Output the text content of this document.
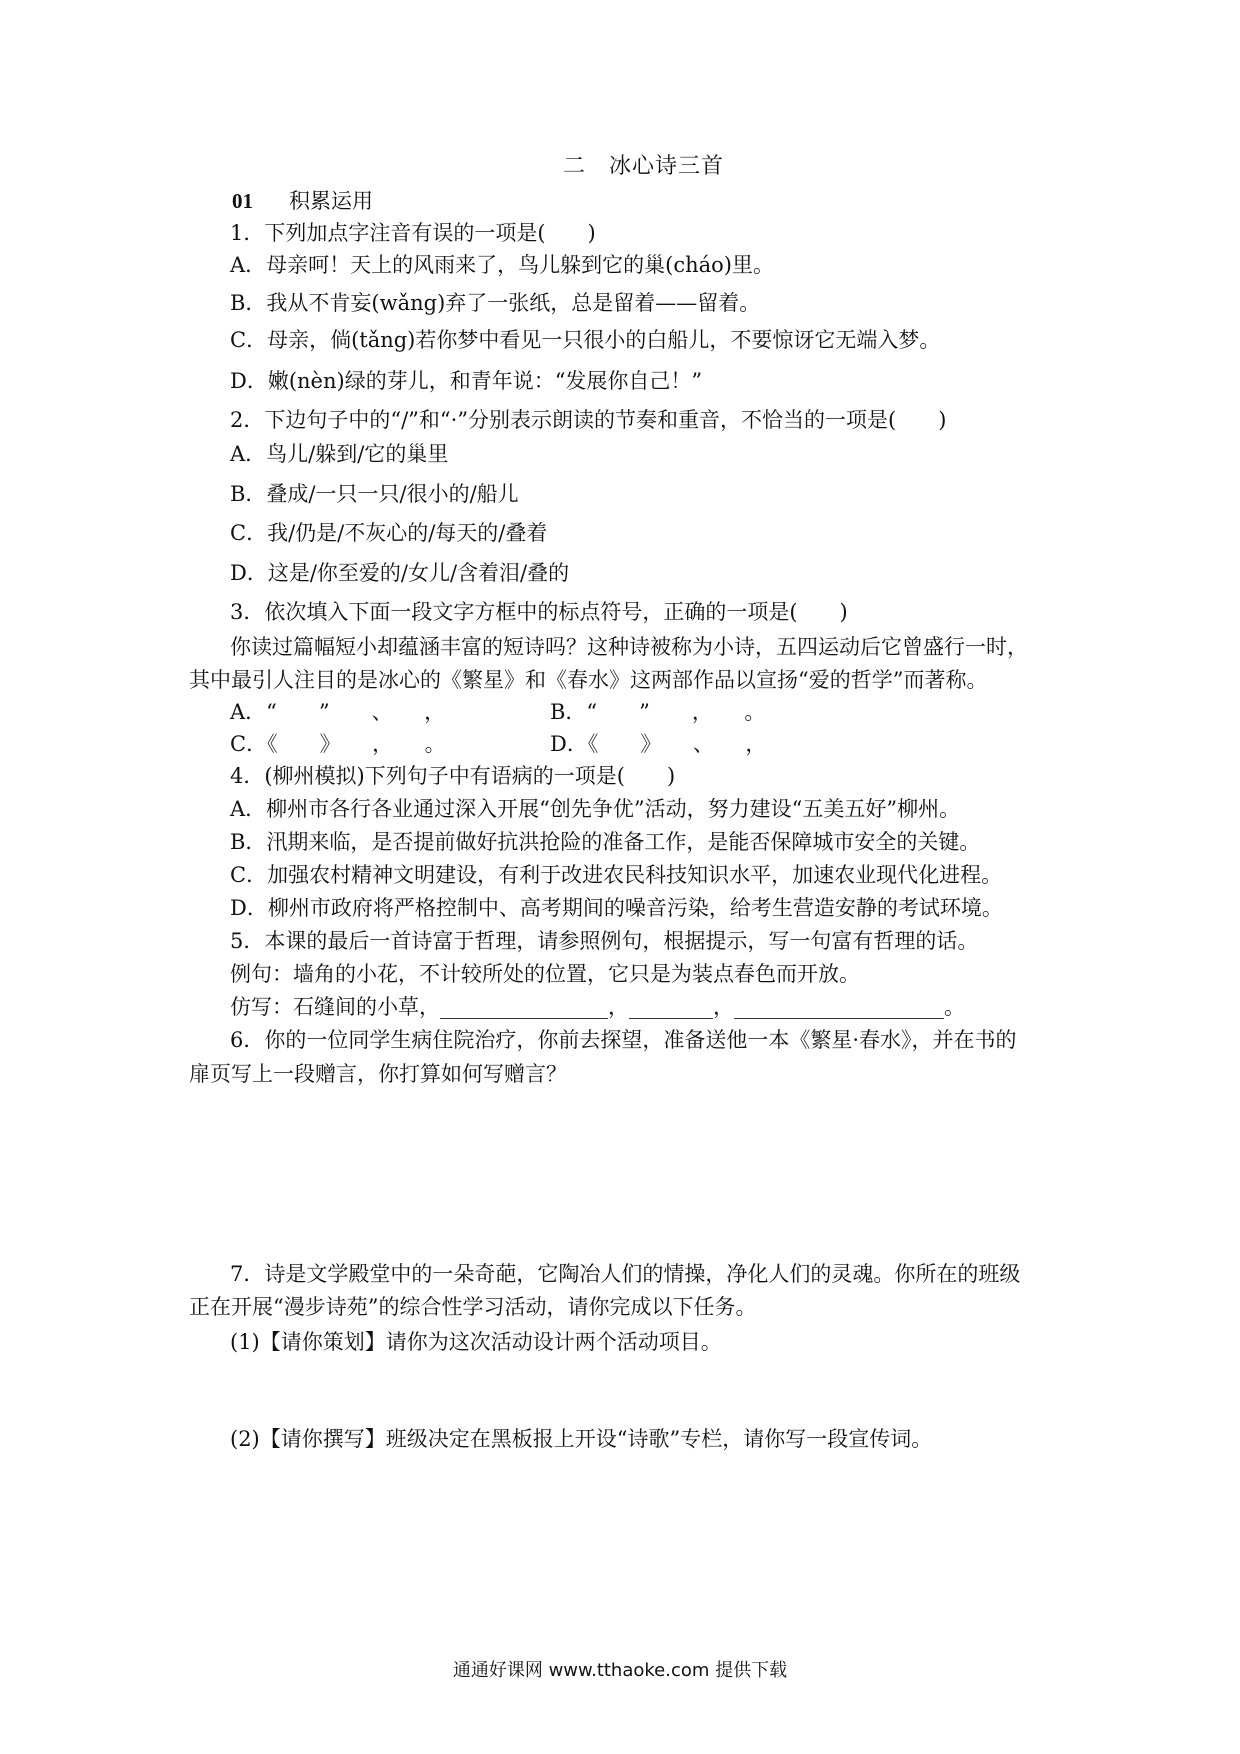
二　冰心诗三首
01 积累运用
1．下列加点字注音有误的一项是(　　)
A．母亲呵！天上的风雨来了，鸟儿躲到它的巢(cháo)里。
B．我从不肯妄(wǎng)弃了一张纸，总是留着——留着。
C．母亲，倘(tǎng)若你梦中看见一只很小的白船儿，不要惊讶它无端入梦。
D．嫩(nèn)绿的芽儿，和青年说：“发展你自己！”
2．下边句子中的“/”和“·”分别表示朗读的节奏和重音，不恰当的一项是(　　)
A．鸟儿/躲到/它的巢里
B．叠成/一只一只/很小的/船儿
C．我/仍是/不灰心的/每天的/叠着
D．这是/你至爱的/女儿/含着泪/叠的
3．依次填入下面一段文字方框中的标点符号，正确的一项是(　　)
你读过篇幅短小却蕴涵丰富的短诗吗？这种诗被称为小诗，五四运动后它曾盛行一时，
其中最引人注目的是冰心的《繁星》和《春水》这两部作品以宣扬“爱的哲学”而著称。
A．“　　”　　、　　，	B．“　　”　　，　　。
C．《　　》　　，　　。	D．《　　》　　、　　，
4．(柳州模拟)下列句子中有语病的一项是(　　)
A．柳州市各行各业通过深入开展“创先争优”活动，努力建设“五美五好”柳州。
B．汛期来临，是否提前做好抗洪抢险的准备工作，是能否保障城市安全的关键。
C．加强农村精神文明建设，有利于改进农民科技知识水平，加速农业现代化进程。
D．柳州市政府将严格控制中、高考期间的噪音污染，给考生营造安静的考试环境。
5．本课的最后一首诗富于哲理，请参照例句，根据提示，写一句富有哲理的话。
例句：墙角的小花，不计较所处的位置，它只是为装点春色而开放。
仿写：石缝间的小草，________________，________，____________________。
6．你的一位同学生病住院治疗，你前去探望，准备送他一本《繁星·春水》，并在书的
扉页写上一段赠言，你打算如何写赠言？
7．诗是文学殿堂中的一朵奇葩，它陶冶人们的情操，净化人们的灵魂。你所在的班级
正在开展“漫步诗苑”的综合性学习活动，请你完成以下任务。
(1)【请你策划】请你为这次活动设计两个活动项目。
(2)【请你撰写】班级决定在黑板报上开设“诗歌”专栏，请你写一段宣传词。
通通好课网 www.tthaoke.com 提供下载
